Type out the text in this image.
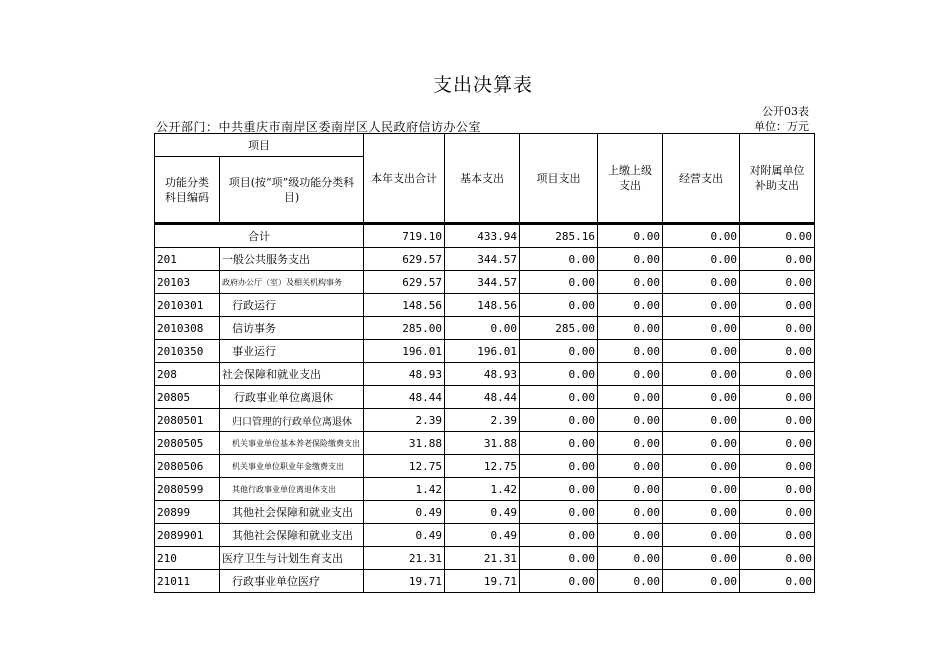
支出决算表
公开03表
单位：万元
公开部门：中共重庆市南岸区委南岸区人民政府信访办公室
项目		本年支出合计	基本支出	项目支出	上缴上级支出	经营支出	对附属单位补助支出
功能分类科目编码	项目(按“项”级功能分类科目)						

合计		719.10	433.94	285.16	0.00	0.00	0.00
201	一般公共服务支出	629.57	344.57	0.00	0.00	0.00	0.00
20103	政府办公厅（室）及相关机构事务	629.57	344.57	0.00	0.00	0.00	0.00
2010301	行政运行	148.56	148.56	0.00	0.00	0.00	0.00
2010308	信访事务	285.00	0.00	285.00	0.00	0.00	0.00
2010350	事业运行	196.01	196.01	0.00	0.00	0.00	0.00
208	社会保障和就业支出	48.93	48.93	0.00	0.00	0.00	0.00
20805	行政事业单位离退休	48.44	48.44	0.00	0.00	0.00	0.00
2080501	归口管理的行政单位离退休	2.39	2.39	0.00	0.00	0.00	0.00
2080505	机关事业单位基本养老保险缴费支出	31.88	31.88	0.00	0.00	0.00	0.00
2080506	机关事业单位职业年金缴费支出	12.75	12.75	0.00	0.00	0.00	0.00
2080599	其他行政事业单位离退休支出	1.42	1.42	0.00	0.00	0.00	0.00
20899	其他社会保障和就业支出	0.49	0.49	0.00	0.00	0.00	0.00
2089901	其他社会保障和就业支出	0.49	0.49	0.00	0.00	0.00	0.00
210	医疗卫生与计划生育支出	21.31	21.31	0.00	0.00	0.00	0.00
21011	行政事业单位医疗	19.71	19.71	0.00	0.00	0.00	0.00
